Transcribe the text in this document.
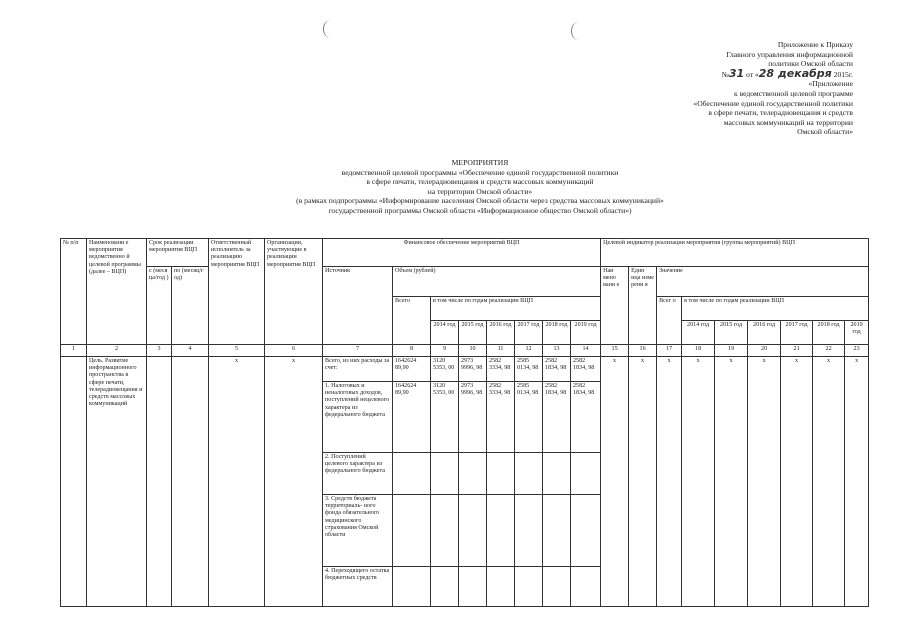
Приложение к Приказу
Главного управления информационной
политики Омской области
№31 от «28 декабря 2015г.
«Приложение
к ведомственной целевой программе
«Обеспечение единой государственной политики
в сфере печати, телерадиовещания и средств
массовых коммуникаций на территории
Омской области»
МЕРОПРИЯТИЯ
ведомственной целевой программы «Обеспечение единой государственной политики
в сфере печати, телерадиовещания и средств массовых коммуникаций
на территории Омской области»
(в рамках подпрограммы «Информирование населения Омской области через средства массовых коммуникаций»
государственной программы Омской области «Информационное общество Омской области»)
№ п/п	Наименовани е мероприятия ведомственно й целевой программы (далее – ВЦП)	Срок реализации мероприятия ВЦП		Ответственный исполнитель за реализацию мероприятия ВЦП	Организации, участвующие в реализации мероприятия ВЦП	Финансовое обеспечение мероприятий ВЦП								Целевой индикатор реализации мероприятия (группы мероприятий) ВЦП								
		с (меся ца/год )	по (месяц/г од)			Источник	Объем (рублей)							Наи мено вани е	Един ица изме рени я	Значение						
							Всего	в том числе по годам реализации ВЦП								Всег о	в том числе по годам реализации ВЦП					
								2014 год	2015 год	2016 год	2017 год	2018 год	2019 год				2014 год	2015 год	2016 год	2017 год	2018 год	2019 год
1	2	3	4	5	6	7	8	9	10	11	12	13	14	15	16	17	18	19	20	21	22	23
	Цель. Развитие информационного пространства в сфере печати, телерадиовещания и средств массовых коммуникаций			x	x	Всего, из них расходы за счет:	1642624 89,90	3120 5353, 00	2973 9996, 98	2582 3334, 98	2585 0134, 98	2582 1834, 98	2582 1834, 98	x	x	x	x	x	x	x	x	x
						1. Налоговых и неналоговых доходов, поступлений нецелевого характера из федерального бюджета	1642624 89,90	3120 5353, 00	2973 9996, 98	2582 3334, 98	2585 0134, 98	2582 1834, 98	2582 1834, 98									
						2. Поступлений целевого характера из федерального бюджета																
						3. Средств бюджета территориаль- ного фонда обязательного медицинского страхования Омской области																
						4. Переходящего остатка бюджетных средств																
